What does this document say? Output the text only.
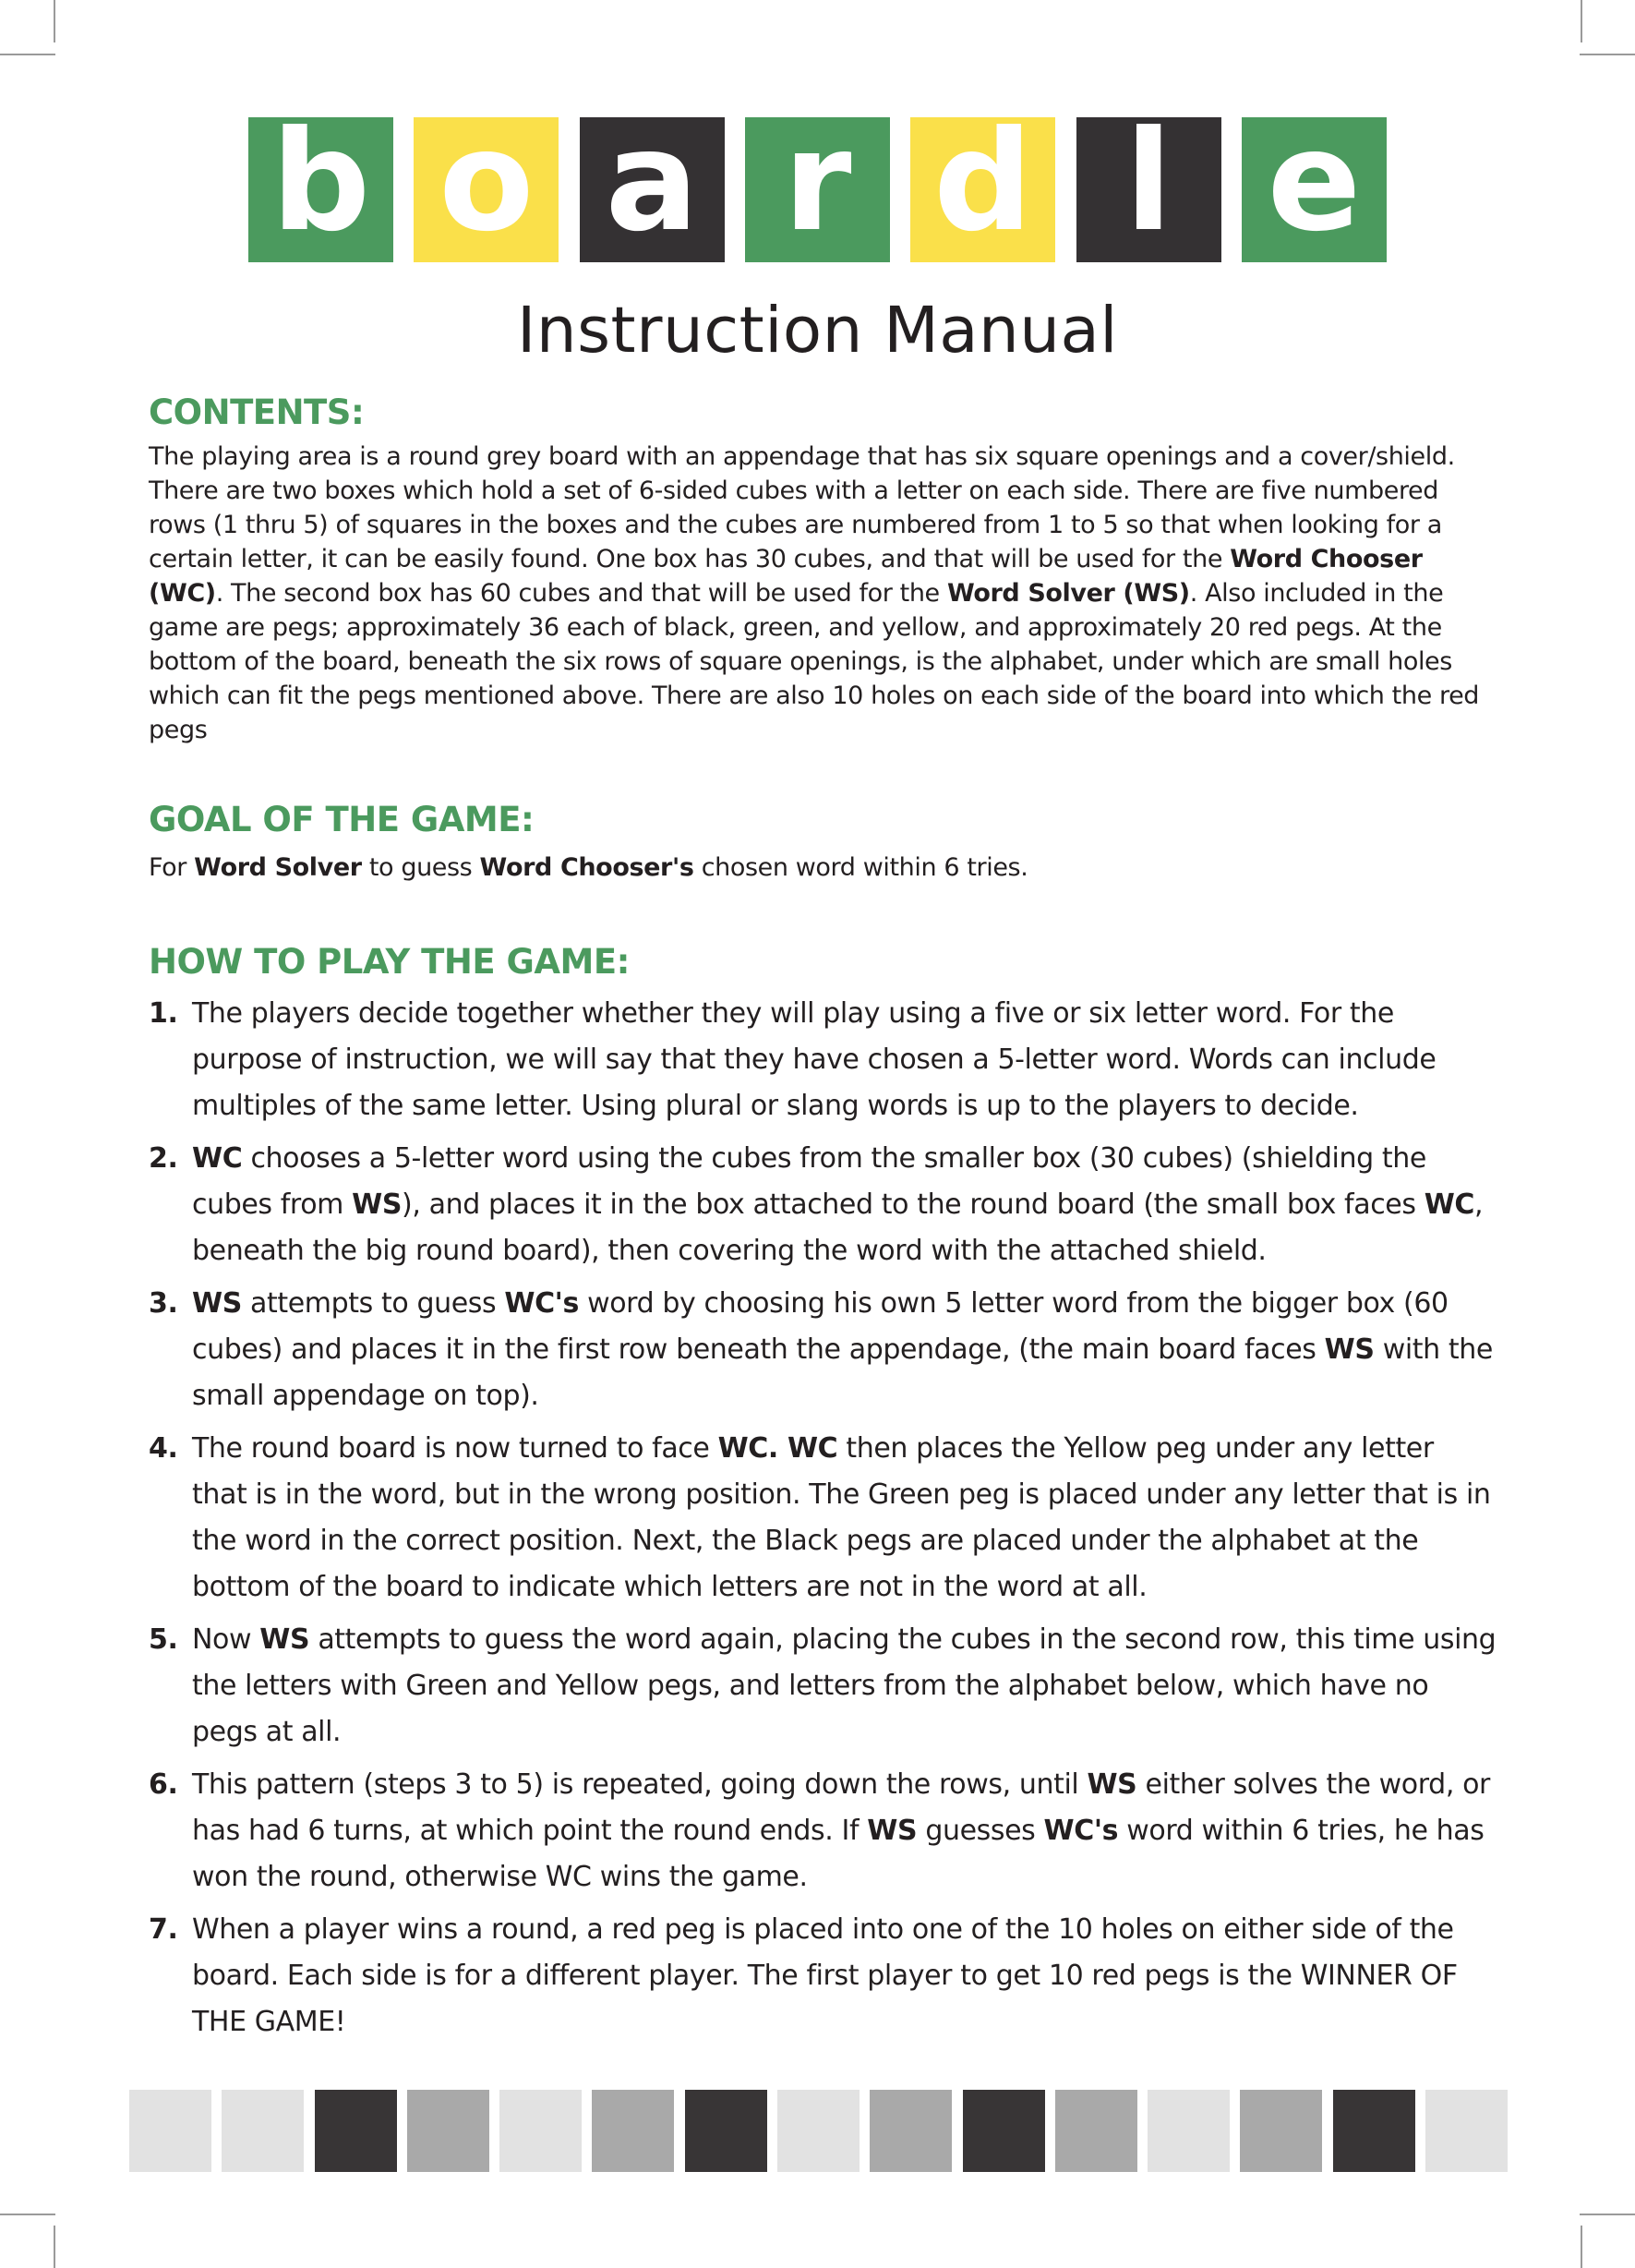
b o a r d l e
Instruction Manual
CONTENTS:

The playing area is a round grey board with an appendage that has six square openings and a cover/shield. There are two boxes which hold a set of 6-sided cubes with a letter on each side. There are five numbered rows (1 thru 5) of squares in the boxes and the cubes are numbered from 1 to 5 so that when looking for a certain letter, it can be easily found. One box has 30 cubes, and that will be used for the Word Chooser (WC). The second box has 60 cubes and that will be used for the Word Solver (WS). Also included in the game are pegs; approximately 36 each of black, green, and yellow, and approximately 20 red pegs. At the bottom of the board, beneath the six rows of square openings, is the alphabet, under which are small holes which can fit the pegs mentioned above. There are also 10 holes on each side of the board into which the red pegs

GOAL OF THE GAME:

For Word Solver to guess Word Chooser's chosen word within 6 tries.

HOW TO PLAY THE GAME:
1. The players decide together whether they will play using a five or six letter word. For the purpose of instruction, we will say that they have chosen a 5-letter word. Words can include multiples of the same letter. Using plural or slang words is up to the players to decide.
2. WC chooses a 5-letter word using the cubes from the smaller box (30 cubes) (shielding the cubes from WS), and places it in the box attached to the round board (the small box faces WC, beneath the big round board), then covering the word with the attached shield.
3. WS attempts to guess WC's word by choosing his own 5 letter word from the bigger box (60 cubes) and places it in the first row beneath the appendage, (the main board faces WS with the small appendage on top).
4. The round board is now turned to face WC. WC then places the Yellow peg under any letter that is in the word, but in the wrong position. The Green peg is placed under any letter that is in the word in the correct position. Next, the Black pegs are placed under the alphabet at the bottom of the board to indicate which letters are not in the word at all.
5. Now WS attempts to guess the word again, placing the cubes in the second row, this time using the letters with Green and Yellow pegs, and letters from the alphabet below, which have no pegs at all.
6. This pattern (steps 3 to 5) is repeated, going down the rows, until WS either solves the word, or has had 6 turns, at which point the round ends. If WS guesses WC's word within 6 tries, he has won the round, otherwise WC wins the game.
7. When a player wins a round, a red peg is placed into one of the 10 holes on either side of the board. Each side is for a different player. The first player to get 10 red pegs is the WINNER OF THE GAME!
